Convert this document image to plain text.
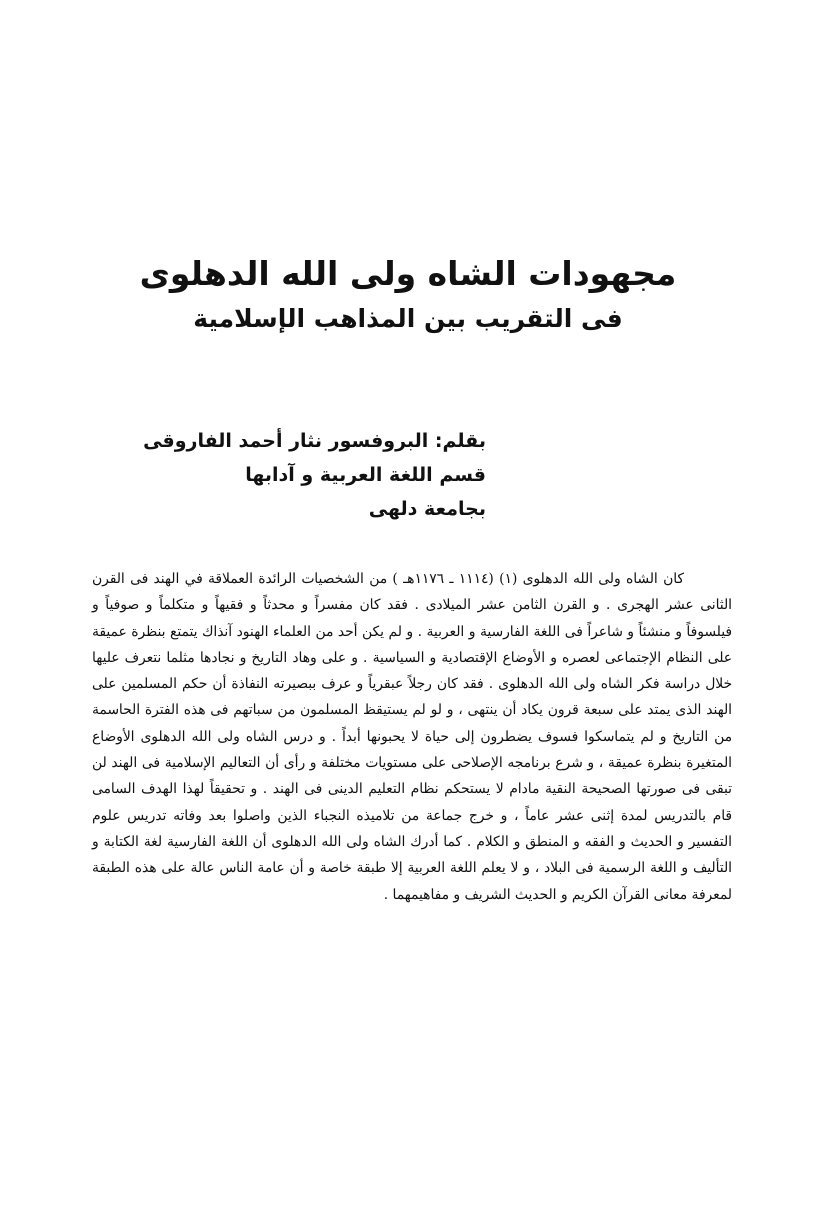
مجهودات الشاه ولى الله الدهلوى
فى التقريب بين المذاهب الإسلامية
بقلم: البروفسور نثار أحمد الفاروقى
قسم اللغة العربية و آدابها
بجامعة دلهى

كان الشاه ولى الله الدهلوى (١) (١١١٤ ـ ١١٧٦هـ ) من الشخصيات الرائدة العملاقة في الهند فى القرن الثانى عشر الهجرى . و القرن الثامن عشر الميلادى . فقد كان مفسراً و محدثاً و فقيهاً و متكلماً و صوفياً و فيلسوفاً و منشئاً و شاعراً فى اللغة الفارسية و العربية . و لم يكن أحد من العلماء الهنود آنذاك يتمتع بنظرة عميقة على النظام الإجتماعى لعصره و الأوضاع الإقتصادية و السياسية . و على وهاد التاريخ و نجادها مثلما نتعرف عليها خلال دراسة فكر الشاه ولى الله الدهلوى . فقد كان رجلاً عبقرياً و عرف ببصيرته النفاذة أن حكم المسلمين على الهند الذى يمتد على سبعة قرون يكاد أن ينتهى ، و لو لم يستيقظ المسلمون من سباتهم فى هذه الفترة الحاسمة من التاريخ و لم يتماسكوا فسوف يضطرون إلى حياة لا يحبونها أبداً . و درس الشاه ولى الله الدهلوى الأوضاع المتغيرة بنظرة عميقة ، و شرع برنامجه الإصلاحى على مستويات مختلفة و رأى أن التعاليم الإسلامية فى الهند لن تبقى فى صورتها الصحيحة النقية مادام لا يستحكم نظام التعليم الدينى فى الهند . و تحقيقاً لهذا الهدف السامى قام بالتدريس لمدة إثنى عشر عاماً ، و خرج جماعة من تلاميذه النجباء الذين واصلوا بعد وفاته تدريس علوم التفسير و الحديث و الفقه و المنطق و الكلام . كما أدرك الشاه ولى الله الدهلوى أن اللغة الفارسية لغة الكتابة و التأليف و اللغة الرسمية فى البلاد ، و لا يعلم اللغة العربية إلا طبقة خاصة و أن عامة الناس عالة على هذه الطبقة لمعرفة معانى القرآن الكريم و الحديث الشريف و مفاهيمهما .
